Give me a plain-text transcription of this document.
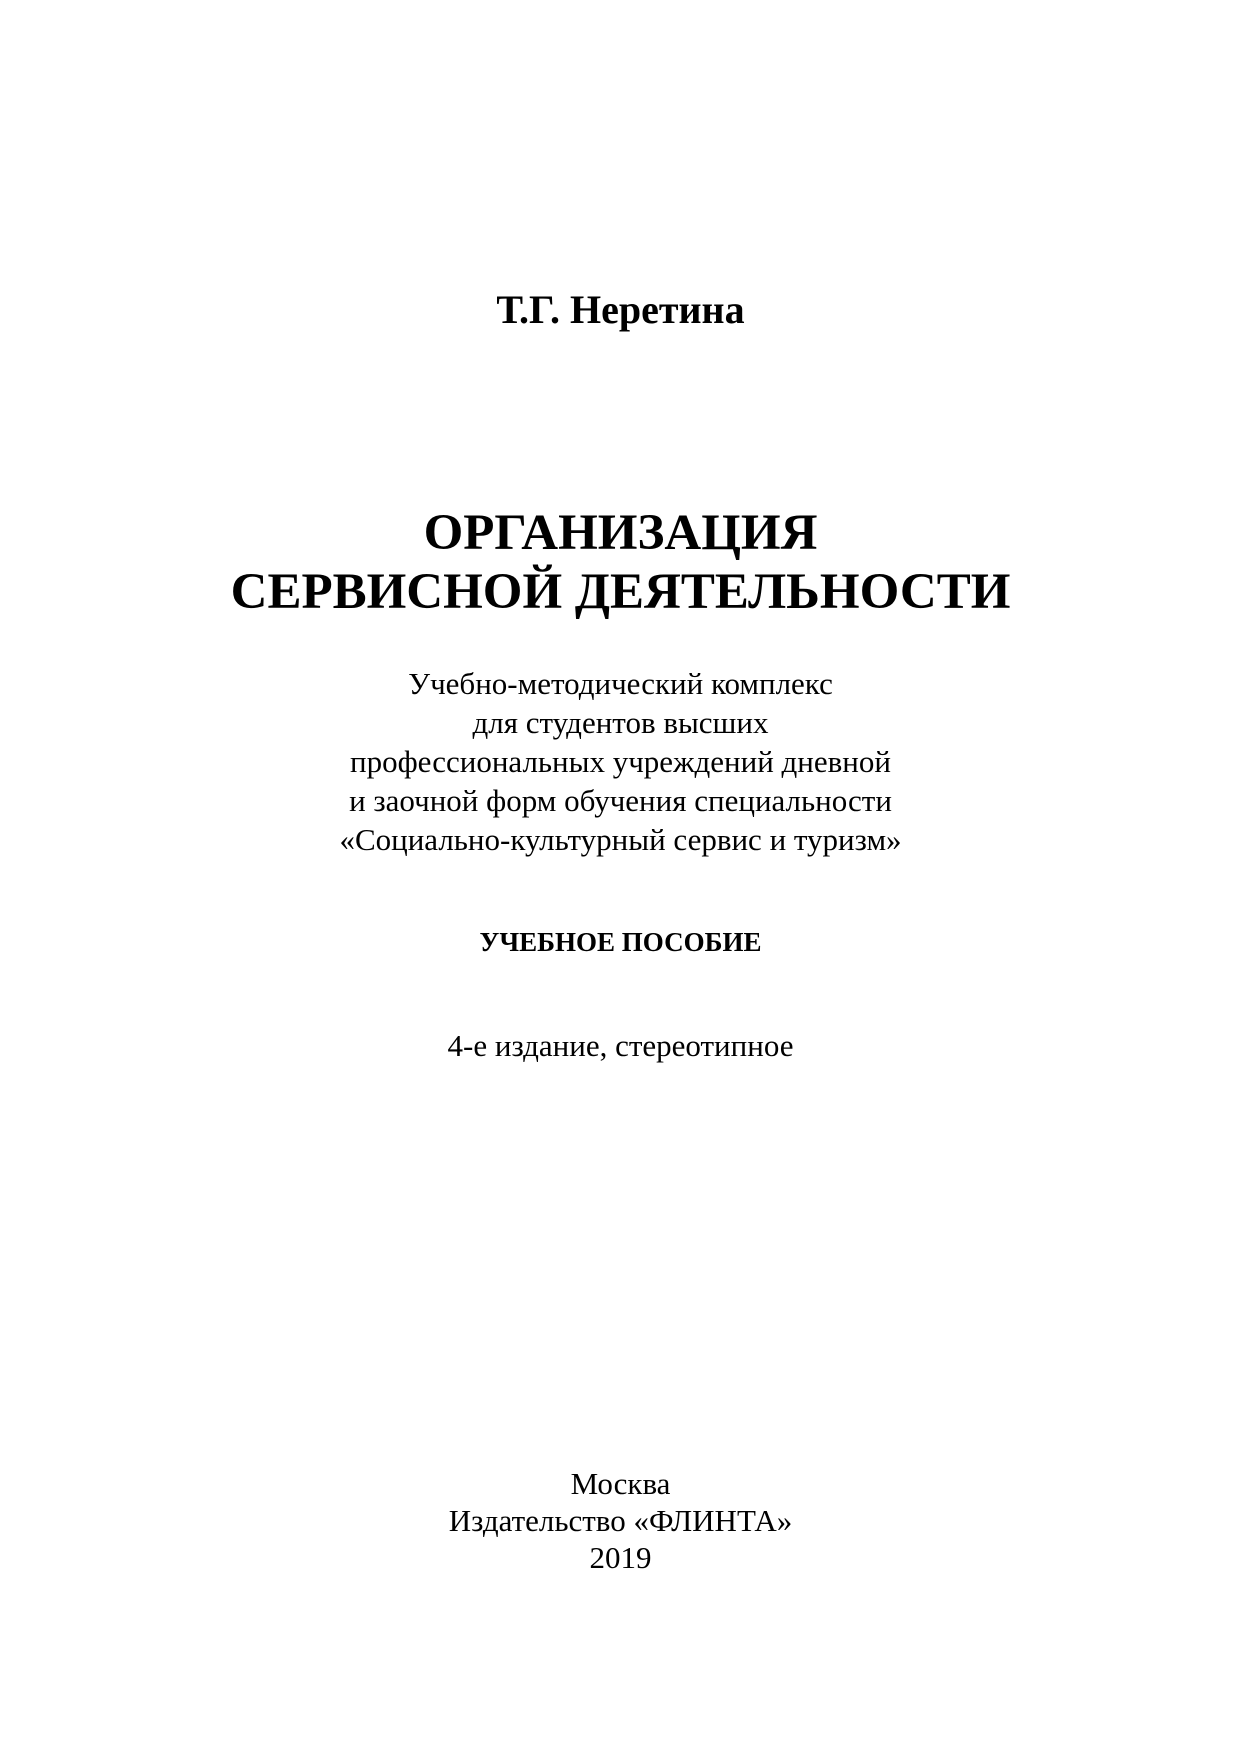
Т.Г. Неретина
ОРГАНИЗАЦИЯ
СЕРВИСНОЙ ДЕЯТЕЛЬНОСТИ
Учебно-методический комплекс
для студентов высших
профессиональных учреждений дневной
и заочной форм обучения специальности
«Социально-культурный сервис и туризм»
УЧЕБНОЕ ПОСОБИЕ
4-е издание, стереотипное
Москва
Издательство «ФЛИНТА»
2019
